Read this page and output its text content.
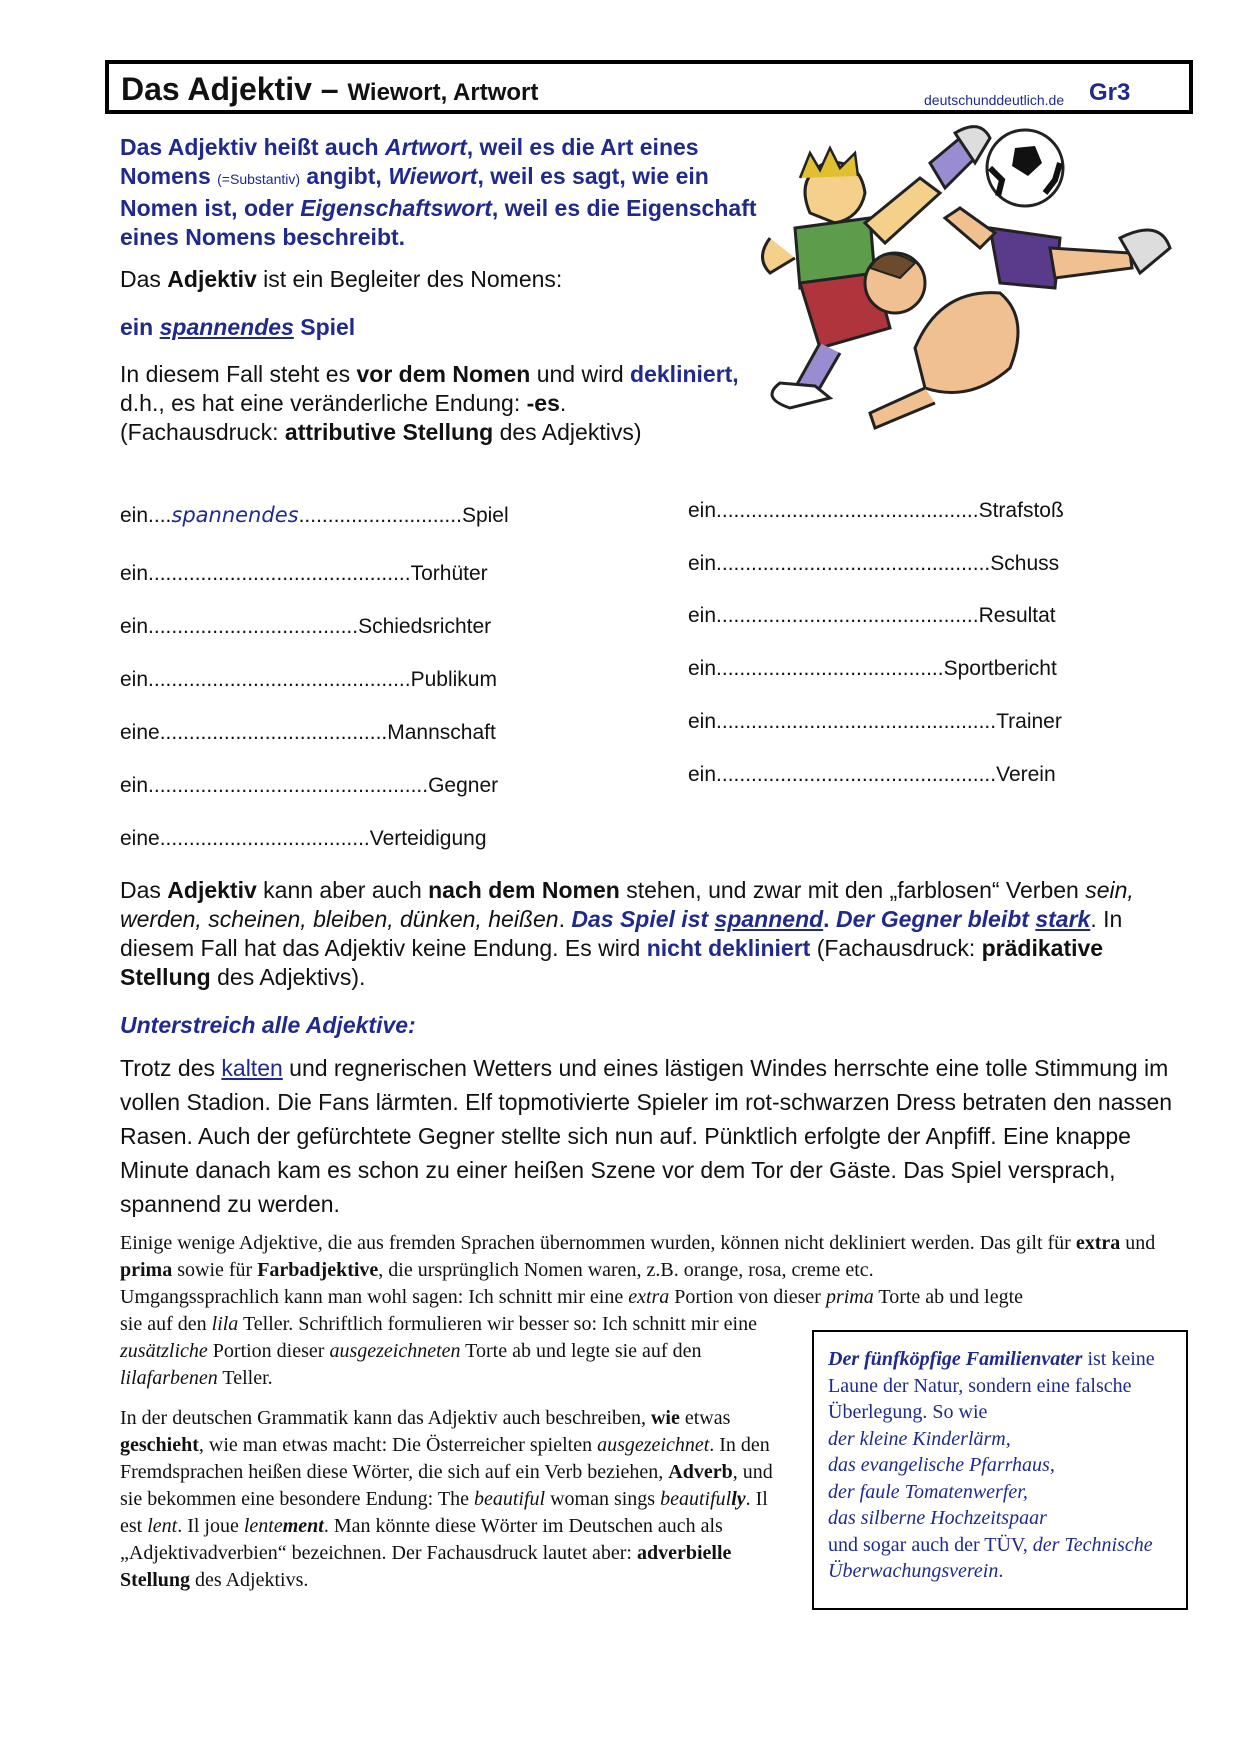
Das Adjektiv – Wiewort, Artwort	deutschunddeutlich.de Gr3
Das Adjektiv heißt auch Artwort, weil es die Art eines Nomens (=Substantiv) angibt, Wiewort, weil es sagt, wie ein Nomen ist, oder Eigenschaftswort, weil es die Eigenschaft eines Nomens beschreibt.
Das Adjektiv ist ein Begleiter des Nomens:
ein spannendes Spiel
In diesem Fall steht es vor dem Nomen und wird dekliniert, d.h., es hat eine veränderliche Endung: -es.
(Fachausdruck: attributive Stellung des Adjektivs)
ein....spannendes............................Spiel
ein.............................................Torhüter
ein....................................Schiedsrichter
ein.............................................Publikum
eine.......................................Mannschaft
ein................................................Gegner
eine....................................Verteidigung
ein.............................................Strafstoß
ein...............................................Schuss
ein.............................................Resultat
ein.......................................Sportbericht
ein................................................Trainer
ein................................................Verein
Das Adjektiv kann aber auch nach dem Nomen stehen, und zwar mit den „farblosen“ Verben sein, werden, scheinen, bleiben, dünken, heißen. Das Spiel ist spannend. Der Gegner bleibt stark. In diesem Fall hat das Adjektiv keine Endung. Es wird nicht dekliniert (Fachausdruck: prädikative Stellung des Adjektivs).
Unterstreich alle Adjektive:
Trotz des kalten und regnerischen Wetters und eines lästigen Windes herrschte eine tolle Stimmung im vollen Stadion. Die Fans lärmten. Elf topmotivierte Spieler im rot-schwarzen Dress betraten den nassen Rasen. Auch der gefürchtete Gegner stellte sich nun auf. Pünktlich erfolgte der Anpfiff. Eine knappe Minute danach kam es schon zu einer heißen Szene vor dem Tor der Gäste. Das Spiel versprach, spannend zu werden.
Einige wenige Adjektive, die aus fremden Sprachen übernommen wurden, können nicht dekliniert werden. Das gilt für extra und prima sowie für Farbadjektive, die ursprünglich Nomen waren, z.B. orange, rosa, creme etc.
Umgangssprachlich kann man wohl sagen: Ich schnitt mir eine extra Portion von dieser prima Torte ab und legte
sie auf den lila Teller. Schriftlich formulieren wir besser so: Ich schnitt mir eine zusätzliche Portion dieser ausgezeichneten Torte ab und legte sie auf den lilafarbenen Teller.
In der deutschen Grammatik kann das Adjektiv auch beschreiben, wie etwas geschieht, wie man etwas macht: Die Österreicher spielten ausgezeichnet. In den Fremdsprachen heißen diese Wörter, die sich auf ein Verb beziehen, Adverb, und sie bekommen eine besondere Endung: The beautiful woman sings beautifully. Il est lent. Il joue lentement. Man könnte diese Wörter im Deutschen auch als „Adjektivadverbien“ bezeichnen. Der Fachausdruck lautet aber: adverbielle Stellung des Adjektivs.
Der fünfköpfige Familienvater ist keine Laune der Natur, sondern eine falsche Überlegung. So wie
der kleine Kinderlärm,
das evangelische Pfarrhaus,
der faule Tomatenwerfer,
das silberne Hochzeitspaar
und sogar auch der TÜV, der Technische Überwachungsverein.
